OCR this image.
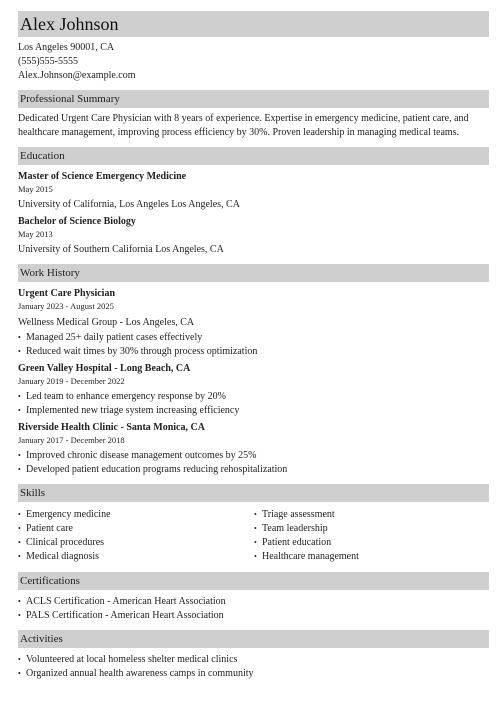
Alex Johnson
Los Angeles 90001, CA
(555)555-5555
Alex.Johnson@example.com
Professional Summary
Dedicated Urgent Care Physician with 8 years of experience. Expertise in emergency medicine, patient care, and
healthcare management, improving process efficiency by 30%. Proven leadership in managing medical teams.
Education
Master of Science Emergency Medicine
May 2015
University of California, Los Angeles Los Angeles, CA
Bachelor of Science Biology
May 2013
University of Southern California Los Angeles, CA
Work History
Urgent Care Physician
January 2023 - August 2025
Wellness Medical Group - Los Angeles, CA
• Managed 25+ daily patient cases effectively
• Reduced wait times by 30% through process optimization
Green Valley Hospital - Long Beach, CA
January 2019 - December 2022
• Led team to enhance emergency response by 20%
• Implemented new triage system increasing efficiency
Riverside Health Clinic - Santa Monica, CA
January 2017 - December 2018
• Improved chronic disease management outcomes by 25%
• Developed patient education programs reducing rehospitalization
Skills
• Emergency medicine
• Patient care
• Clinical procedures
• Medical diagnosis
• Triage assessment
• Team leadership
• Patient education
• Healthcare management
Certifications
• ACLS Certification - American Heart Association
• PALS Certification - American Heart Association
Activities
• Volunteered at local homeless shelter medical clinics
• Organized annual health awareness camps in community
